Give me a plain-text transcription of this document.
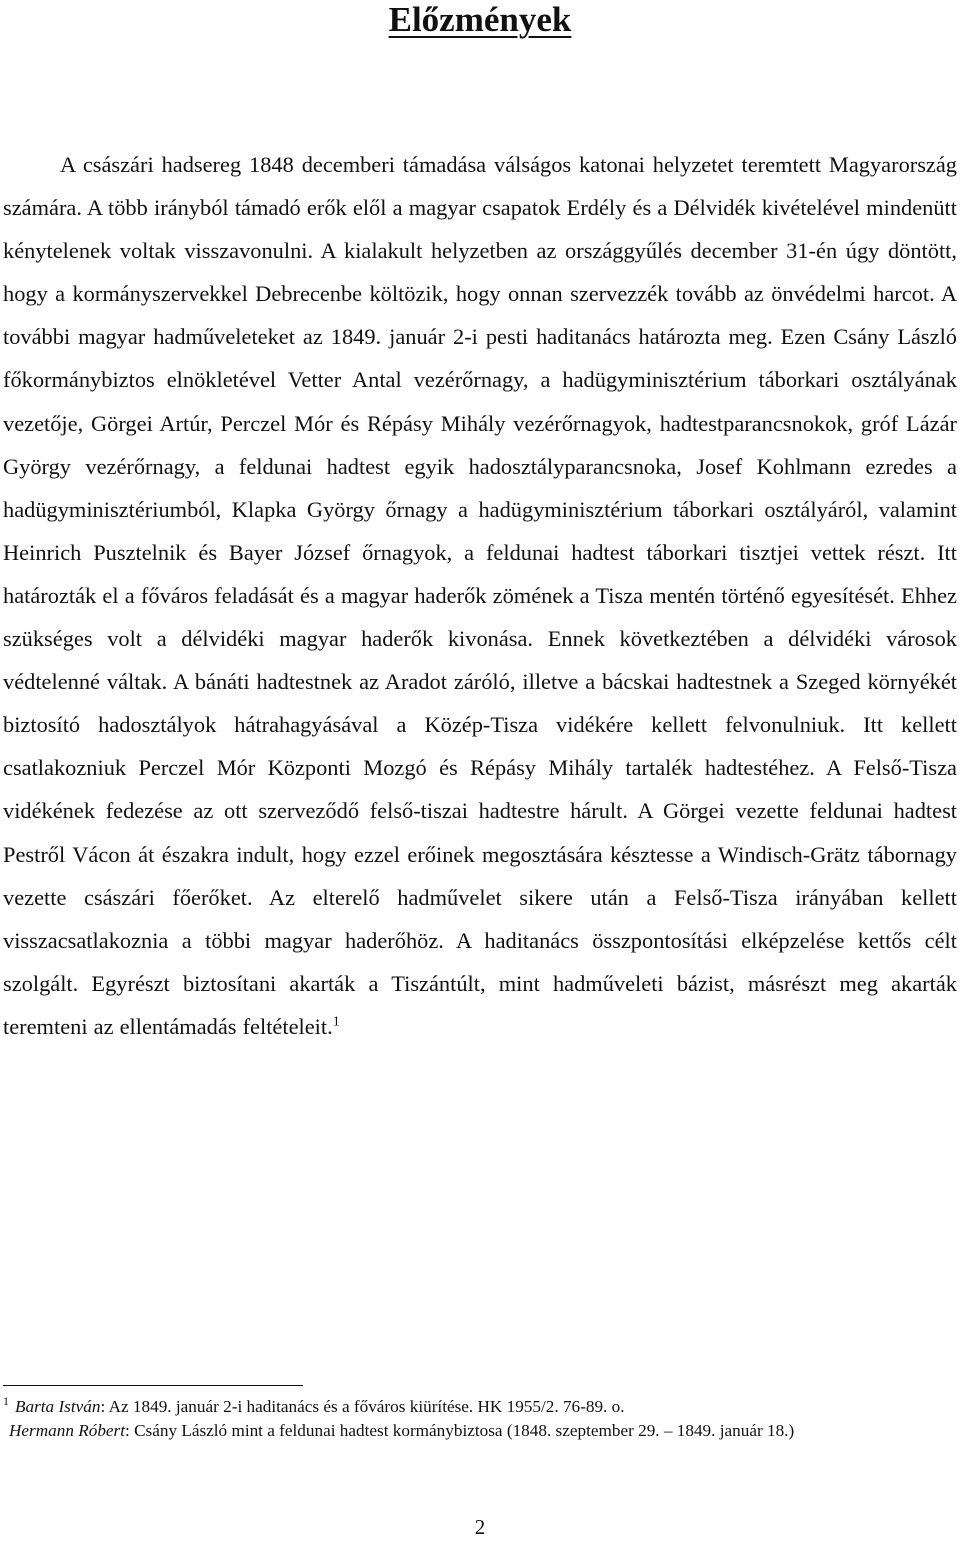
Előzmények

A császári hadsereg 1848 decemberi támadása válságos katonai helyzetet teremtett Magyarország számára. A több irányból támadó erők elől a magyar csapatok Erdély és a Délvidék kivételével mindenütt kénytelenek voltak visszavonulni. A kialakult helyzetben az országgyűlés december 31-én úgy döntött, hogy a kormányszervekkel Debrecenbe költözik, hogy onnan szervezzék tovább az önvédelmi harcot. A további magyar hadműveleteket az 1849. január 2-i pesti haditanács határozta meg. Ezen Csány László főkormánybiztos elnökletével Vetter Antal vezérőrnagy, a hadügyminisztérium táborkari osztályának vezetője, Görgei Artúr, Perczel Mór és Répásy Mihály vezérőrnagyok, hadtestparancsnokok, gróf Lázár György vezérőrnagy, a feldunai hadtest egyik hadosztályparancsnoka, Josef Kohlmann ezredes a hadügyminisztériumból, Klapka György őrnagy a hadügyminisztérium táborkari osztályáról, valamint Heinrich Pusztelnik és Bayer József őrnagyok, a feldunai hadtest táborkari tisztjei vettek részt. Itt határozták el a főváros feladását és a magyar haderők zömének a Tisza mentén történő egyesítését. Ehhez szükséges volt a délvidéki magyar haderők kivonása. Ennek következtében a délvidéki városok védtelenné váltak. A bánáti hadtestnek az Aradot záróló, illetve a bácskai hadtestnek a Szeged környékét biztosító hadosztályok hátrahagyásával a Közép-Tisza vidékére kellett felvonulniuk. Itt kellett csatlakozniuk Perczel Mór Központi Mozgó és Répásy Mihály tartalék hadtestéhez. A Felső-Tisza vidékének fedezése az ott szerveződő felső-tiszai hadtestre hárult. A Görgei vezette feldunai hadtest Pestről Vácon át északra indult, hogy ezzel erőinek megosztására késztesse a Windisch-Grätz tábornagy vezette császári főerőket. Az elterelő hadművelet sikere után a Felső-Tisza irányában kellett visszacsatlakoznia a többi magyar haderőhöz. A haditanács összpontosítási elképzelése kettős célt szolgált. Egyrészt biztosítani akarták a Tiszántúlt, mint hadműveleti bázist, másrészt meg akarták teremteni az ellentámadás feltételeit.$^1$

$^1$ Barta István: Az 1849. január 2-i haditanács és a főváros kiürítése. HK 1955/2. 76-89. o.

Hermann Róbert: Csány László mint a feldunai hadtest kormánybiztosa (1848. szeptember 29. – 1849. január 18.)

2
